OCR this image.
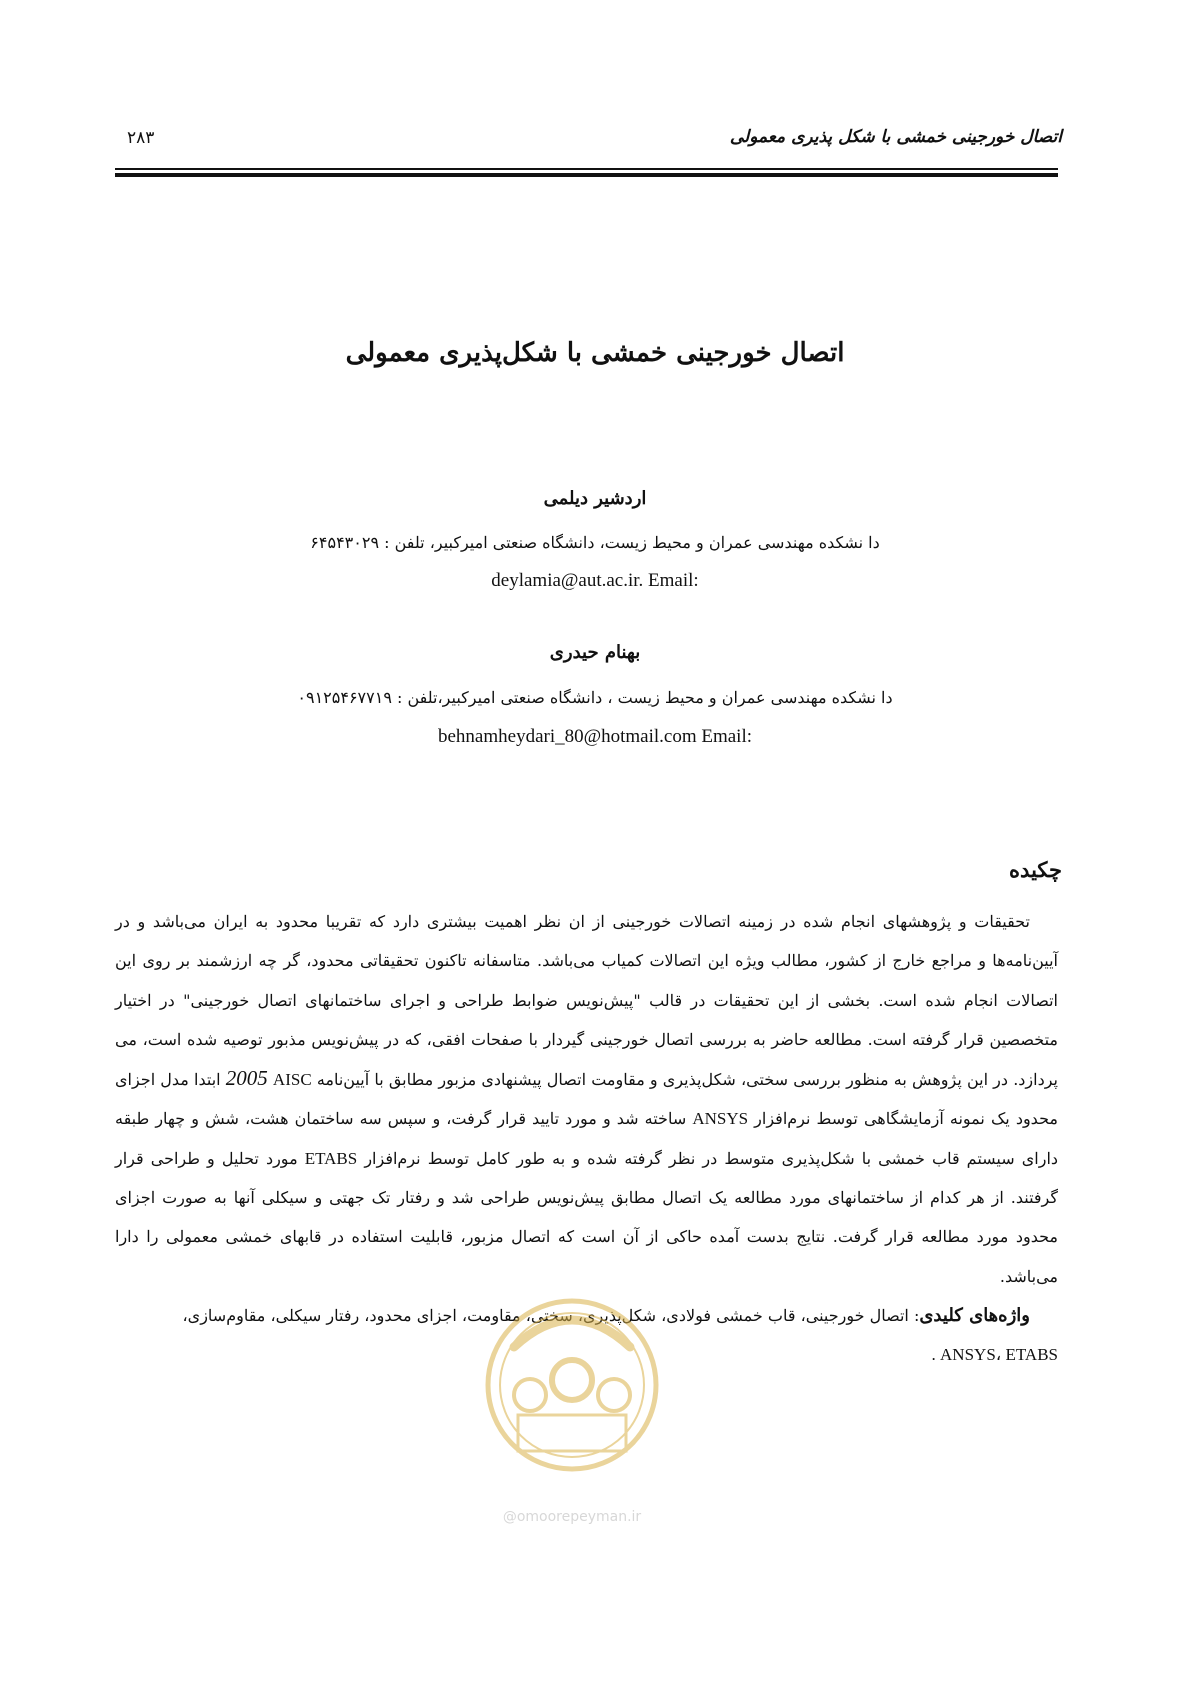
۲۸۳	اتصال خورجینی خمشی با شکل پذیری معمولی
اتصال خورجینی خمشی با شکل‌پذیری معمولی
اردشیر دیلمی
دا نشکده مهندسی عمران و محیط زیست، دانشگاه صنعتی امیرکبیر، تلفن : ۶۴۵۴۳۰۲۹
deylamia@aut.ac.ir. Email:
بهنام حیدری
دا نشکده مهندسی عمران و محیط زیست ، دانشگاه صنعتی امیرکبیر،تلفن : ۰۹۱۲۵۴۶۷۷۱۹
behnamheydari_80@hotmail.com Email:
چکیده

تحقیقات و پژوهشهای انجام شده در زمینه اتصالات خورجینی از ان نظر اهمیت بیشتری دارد که تقریبا محدود به ایران می‌باشد و در آیین‌نامه‌ها و مراجع خارج از کشور، مطالب ویژه این اتصالات کمیاب می‌باشد. متاسفانه تاکنون تحقیقاتی محدود، گر چه ارزشمند بر روی این اتصالات انجام شده است. بخشی از این تحقیقات در قالب "پیش‌نویس ضوابط طراحی و اجرای ساختمانهای اتصال خورجینی" در اختیار متخصصین قرار گرفته است. مطالعه حاضر به بررسی اتصال خورجینی گیردار با صفحات افقی، که در پیش‌نویس مذبور توصیه شده است، می پردازد. در این پژوهش به منظور بررسی سختی، شکل‌پذیری و مقاومت اتصال پیشنهادی مزبور مطابق با آیین‌نامه AISC 2005 ابتدا مدل اجزای محدود یک نمونه آزمایشگاهی توسط نرم‌افزار ANSYS ساخته شد و مورد تایید قرار گرفت، و سپس سه ساختمان هشت، شش و چهار طبقه دارای سیستم قاب خمشی با شکل‌پذیری متوسط در نظر گرفته شده و به طور کامل توسط نرم‌افزار ETABS مورد تحلیل و طراحی قرار گرفتند. از هر کدام از ساختمانهای مورد مطالعه یک اتصال مطابق پیش‌نویس طراحی شد و رفتار تک جهتی و سیکلی آنها به صورت اجزای محدود مورد مطالعه قرار گرفت. نتایج بدست آمده حاکی از آن است که اتصال مزبور، قابلیت استفاده در قابهای خمشی معمولی را دارا می‌باشد.

واژه‌های کلیدی: اتصال خورجینی، قاب خمشی فولادی، شکل‌پذیری، سختی، مقاومت، اجزای محدود، رفتار سیکلی، مقاوم‌سازی،
. ANSYS، ETABS

@omoorepeyman.ir
